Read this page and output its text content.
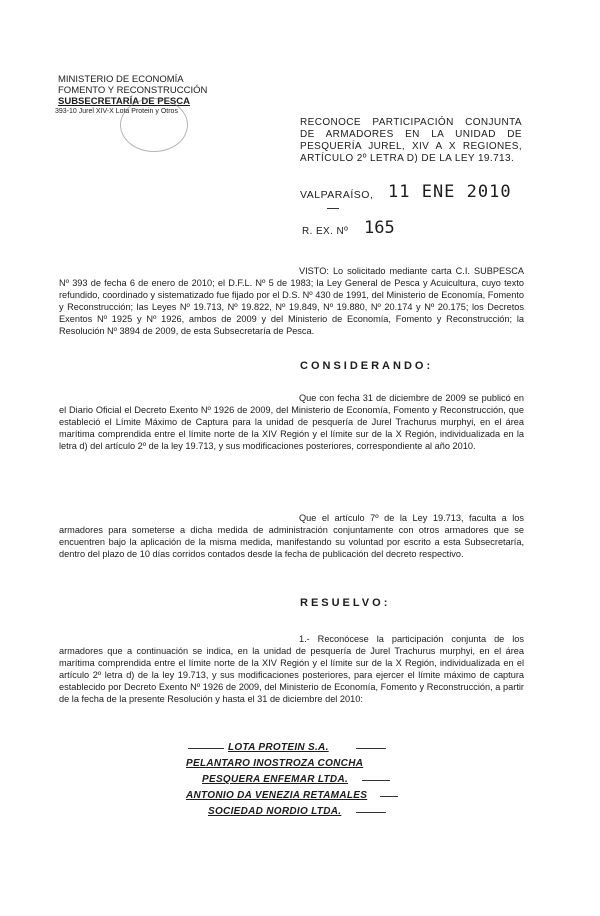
MINISTERIO DE ECONOMÍA
FOMENTO Y RECONSTRUCCIÓN
SUBSECRETARÍA DE PESCA
393-10 Jurel XIV-X Lota Protein y Otros
RECONOCE PARTICIPACIÓN CONJUNTA DE ARMADORES EN LA UNIDAD DE PESQUERÍA JUREL, XIV A X REGIONES, ARTÍCULO 2º LETRA D) DE LA LEY 19.713.
VALPARAÍSO, 11 ENE 2010
R. EX. Nº 165
VISTO: Lo solicitado mediante carta C.I. SUBPESCA Nº 393 de fecha 6 de enero de 2010; el D.F.L. Nº 5 de 1983; la Ley General de Pesca y Acuicultura, cuyo texto refundido, coordinado y sistematizado fue fijado por el D.S. Nº 430 de 1991, del Ministerio de Economía, Fomento y Reconstrucción; las Leyes Nº 19.713, Nº 19.822, Nº 19.849, Nº 19.880, Nº 20.174 y Nº 20.175; los Decretos Exentos Nº 1925 y Nº 1926, ambos de 2009 y del Ministerio de Economía, Fomento y Reconstrucción; la Resolución Nº 3894 de 2009, de esta Subsecretaría de Pesca.
CONSIDERANDO:
Que con fecha 31 de diciembre de 2009 se publicó en el Diario Oficial el Decreto Exento Nº 1926 de 2009, del Ministerio de Economía, Fomento y Reconstrucción, que estableció el Límite Máximo de Captura para la unidad de pesquería de Jurel Trachurus murphyi, en el área marítima comprendida entre el límite norte de la XIV Región y el límite sur de la X Región, individualizada en la letra d) del artículo 2º de la ley 19.713, y sus modificaciones posteriores, correspondiente al año 2010.
Que el artículo 7º de la Ley 19.713, faculta a los armadores para someterse a dicha medida de administración conjuntamente con otros armadores que se encuentren bajo la aplicación de la misma medida, manifestando su voluntad por escrito a esta Subsecretaría, dentro del plazo de 10 días corridos contados desde la fecha de publicación del decreto respectivo.
RESUELVO:
1.- Reconócese la participación conjunta de los armadores que a continuación se indica, en la unidad de pesquería de Jurel Trachurus murphyi, en el área marítima comprendida entre el límite norte de la XIV Región y el límite sur de la X Región, individualizada en el artículo 2º letra d) de la ley 19.713, y sus modificaciones posteriores, para ejercer el límite máximo de captura establecido por Decreto Exento Nº 1926 de 2009, del Ministerio de Economía, Fomento y Reconstrucción, a partir de la fecha de la presente Resolución y hasta el 31 de diciembre del 2010:
LOTA PROTEIN S.A.
PELANTARO INOSTROZA CONCHA
PESQUERA ENFEMAR LTDA.
ANTONIO DA VENEZIA RETAMALES
SOCIEDAD NORDIO LTDA.
